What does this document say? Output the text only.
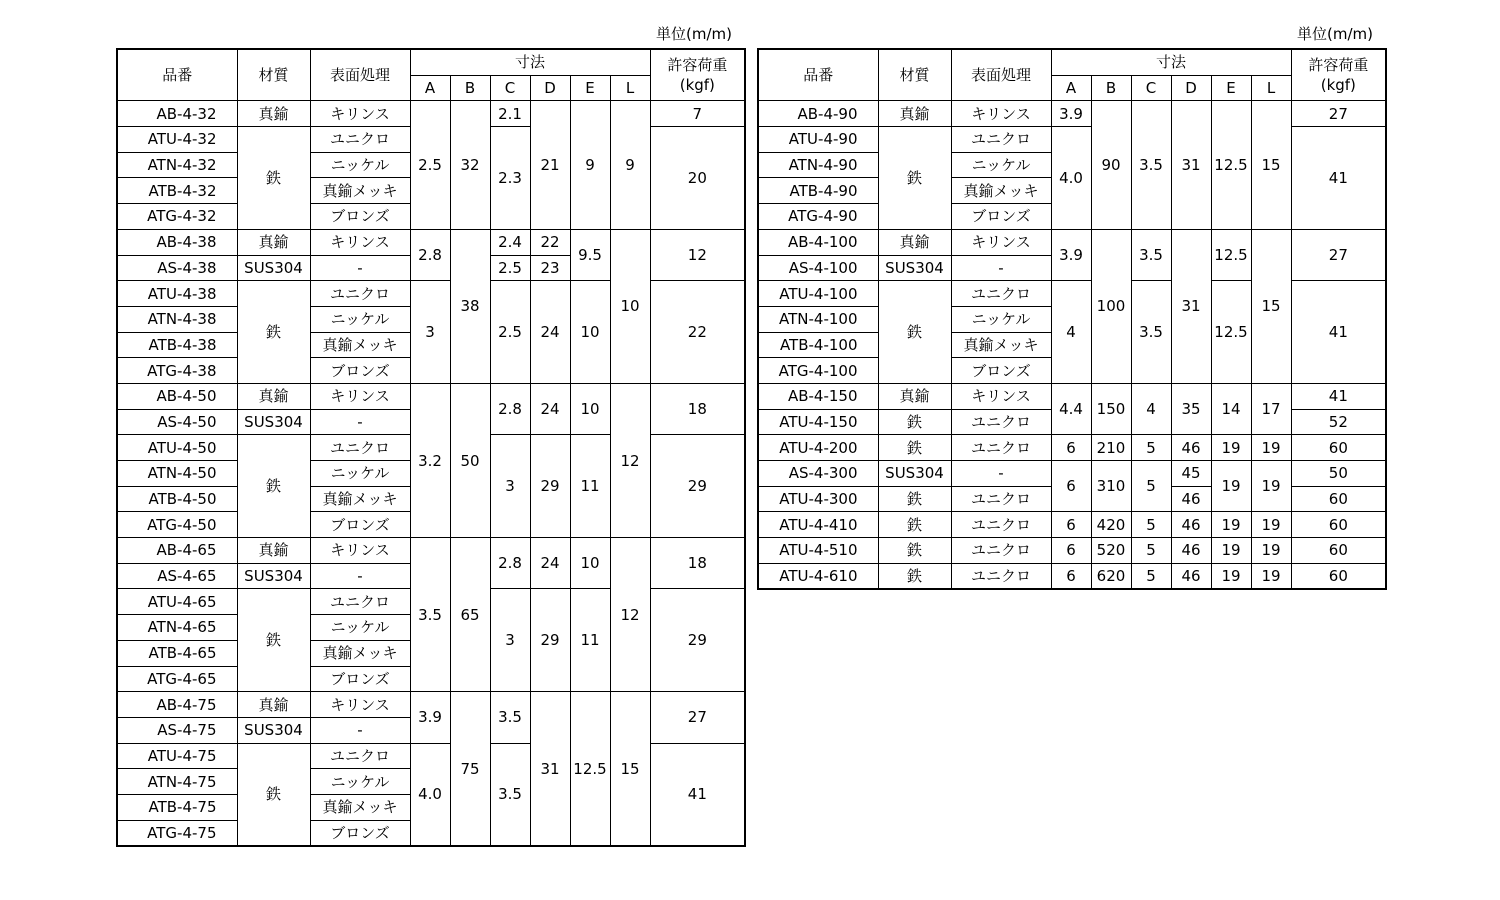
単位(m/m)	単位(m/m)
品番	材質	表面処理	寸法						許容荷重
(kgf)
			A	B	C	D	E	L	
AB-4-32	真鍮	キリンス	2.5	32	2.1	21	9	9	7
ATU-4-32	鉄	ユニクロ			2.3				20
ATN-4-32		ニッケル							
ATB-4-32		真鍮メッキ							
ATG-4-32		ブロンズ							
AB-4-38	真鍮	キリンス	2.8	38	2.4	22	9.5	10	12
AS-4-38	SUS304	-			2.5	23			
ATU-4-38	鉄	ユニクロ	3		2.5	24	10		22
ATN-4-38		ニッケル							
ATB-4-38		真鍮メッキ							
ATG-4-38		ブロンズ							
AB-4-50	真鍮	キリンス	3.2	50	2.8	24	10	12	18
AS-4-50	SUS304	-							
ATU-4-50	鉄	ユニクロ			3	29	11		29
ATN-4-50		ニッケル							
ATB-4-50		真鍮メッキ							
ATG-4-50		ブロンズ							
AB-4-65	真鍮	キリンス	3.5	65	2.8	24	10	12	18
AS-4-65	SUS304	-							
ATU-4-65	鉄	ユニクロ			3	29	11		29
ATN-4-65		ニッケル							
ATB-4-65		真鍮メッキ							
ATG-4-65		ブロンズ							
AB-4-75	真鍮	キリンス	3.9	75	3.5	31	12.5	15	27
AS-4-75	SUS304	-							
ATU-4-75	鉄	ユニクロ	4.0		3.5				41
ATN-4-75		ニッケル							
ATB-4-75		真鍮メッキ							
ATG-4-75		ブロンズ							
品番	材質	表面処理	寸法						許容荷重
(kgf)
			A	B	C	D	E	L	
AB-4-90	真鍮	キリンス	3.9	90	3.5	31	12.5	15	27
ATU-4-90	鉄	ユニクロ	4.0						41
ATN-4-90		ニッケル							
ATB-4-90		真鍮メッキ							
ATG-4-90		ブロンズ							
AB-4-100	真鍮	キリンス	3.9	100	3.5	31	12.5	15	27
AS-4-100	SUS304	-							
ATU-4-100	鉄	ユニクロ	4		3.5		12.5		41
ATN-4-100		ニッケル							
ATB-4-100		真鍮メッキ							
ATG-4-100		ブロンズ							
AB-4-150	真鍮	キリンス	4.4	150	4	35	14	17	41
ATU-4-150	鉄	ユニクロ							52
ATU-4-200	鉄	ユニクロ	6	210	5	46	19	19	60
AS-4-300	SUS304	-	6	310	5	45	19	19	50
ATU-4-300	鉄	ユニクロ				46			60
ATU-4-410	鉄	ユニクロ	6	420	5	46	19	19	60
ATU-4-510	鉄	ユニクロ	6	520	5	46	19	19	60
ATU-4-610	鉄	ユニクロ	6	620	5	46	19	19	60
